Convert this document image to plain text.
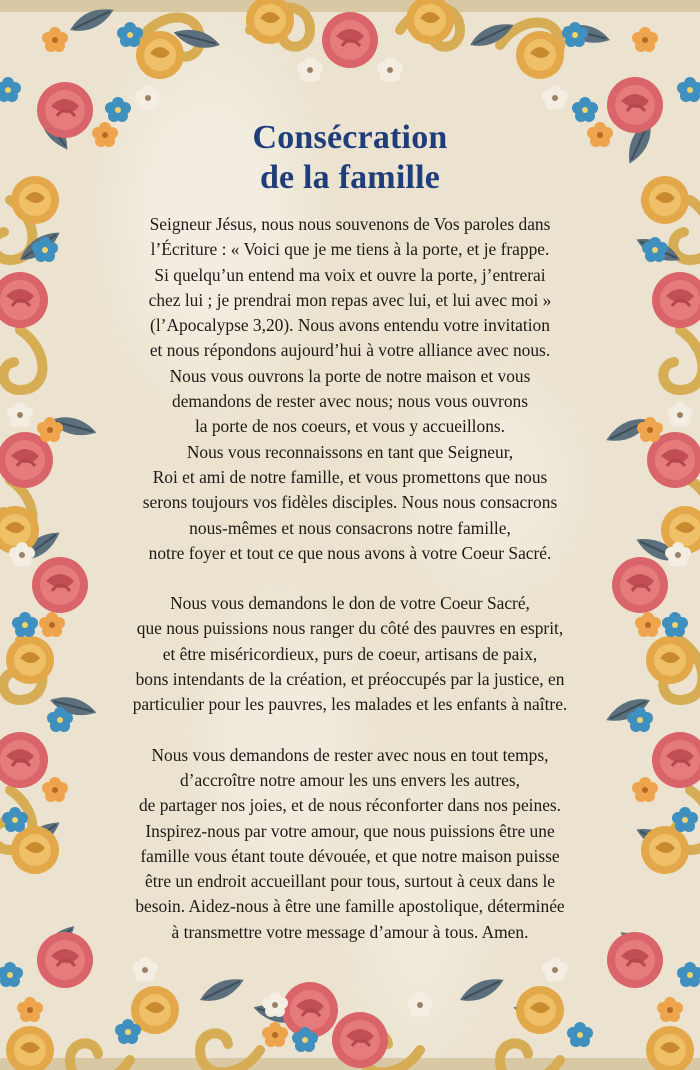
Consécration
de la famille
Seigneur Jésus, nous nous souvenons de Vos paroles dans
l’Écriture : « Voici que je me tiens à la porte, et je frappe.
Si quelqu’un entend ma voix et ouvre la porte, j’entrerai
chez lui ; je prendrai mon repas avec lui, et lui avec moi »
(l’Apocalypse 3,20). Nous avons entendu votre invitation
et nous répondons aujourd’hui à votre alliance avec nous.
Nous vous ouvrons la porte de notre maison et vous
demandons de rester avec nous; nous vous ouvrons
la porte de nos coeurs, et vous y accueillons.
Nous vous reconnaissons en tant que Seigneur,
Roi et ami de notre famille, et vous promettons que nous
serons toujours vos fidèles disciples. Nous nous consacrons
nous-mêmes et nous consacrons notre famille,
notre foyer et tout ce que nous avons à votre Coeur Sacré.
Nous vous demandons le don de votre Coeur Sacré,
que nous puissions nous ranger du côté des pauvres en esprit,
et être miséricordieux, purs de coeur, artisans de paix,
bons intendants de la création, et préoccupés par la justice, en
particulier pour les pauvres, les malades et les enfants à naître.
Nous vous demandons de rester avec nous en tout temps,
d’accroître notre amour les uns envers les autres,
de partager nos joies, et de nous réconforter dans nos peines.
Inspirez-nous par votre amour, que nous puissions être une
famille vous étant toute dévouée, et que notre maison puisse
être un endroit accueillant pour tous, surtout à ceux dans le
besoin. Aidez-nous à être une famille apostolique, déterminée
à transmettre votre message d’amour à tous. Amen.
